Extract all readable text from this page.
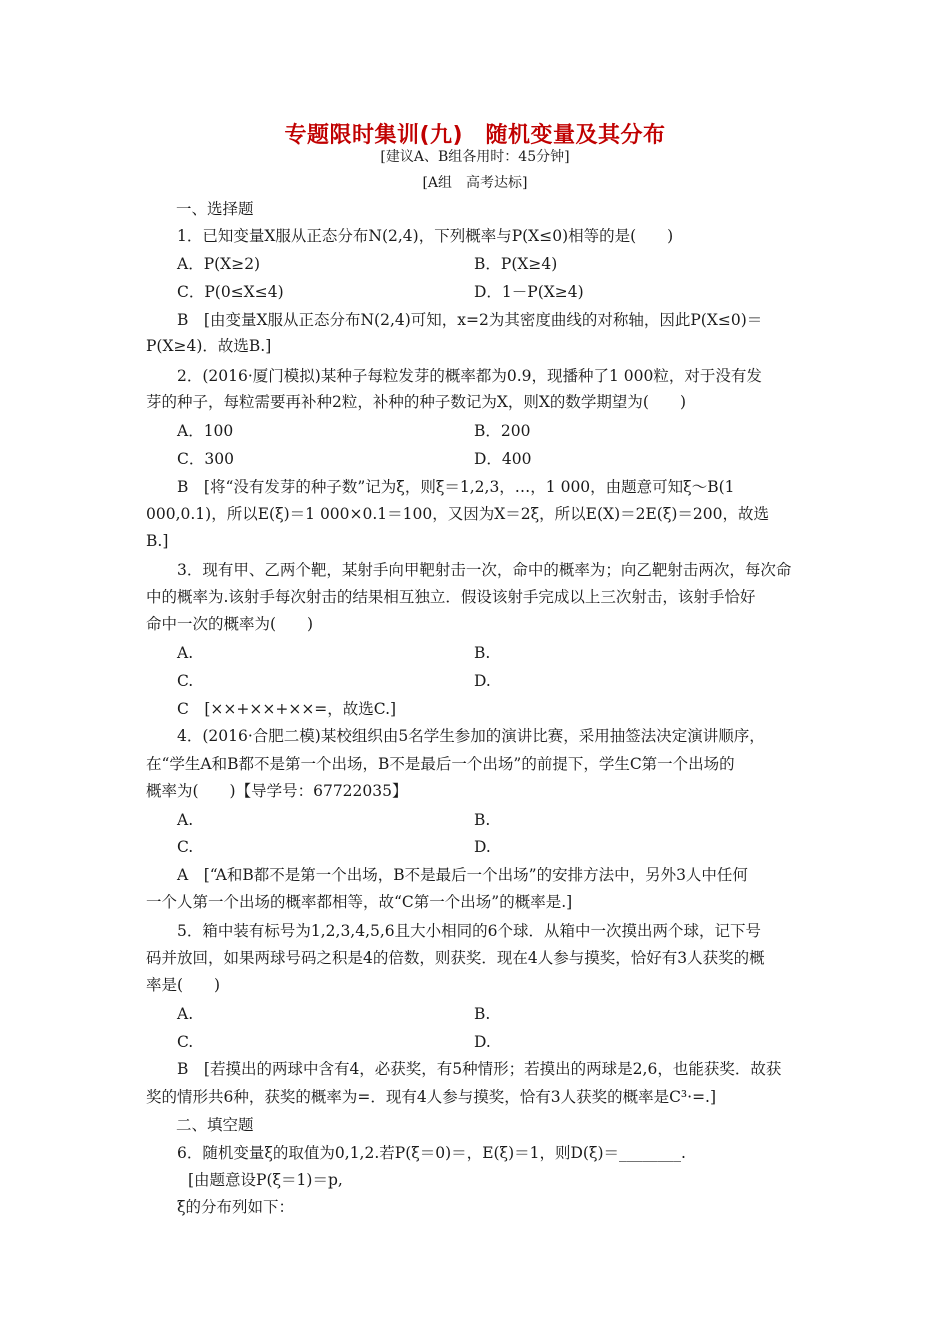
专题限时集训(九)　随机变量及其分布
[建议A、B组各用时：45分钟]
[A组　高考达标]
一、选择题
1．已知变量X服从正态分布N(2,4)，下列概率与P(X≤0)相等的是(　　)
A．P(X≥2)	B．P(X≥4)
C．P(0≤X≤4)	D．1－P(X≥4)
B　[由变量X服从正态分布N(2,4)可知，x=2为其密度曲线的对称轴，因此P(X≤0)＝
P(X≥4)．故选B.]
2．(2016·厦门模拟)某种子每粒发芽的概率都为0.9，现播种了1 000粒，对于没有发
芽的种子，每粒需要再补种2粒，补种的种子数记为X，则X的数学期望为(　　)
A．100	B．200
C．300	D．400
B　[将“没有发芽的种子数”记为ξ，则ξ＝1,2,3，…，1 000，由题意可知ξ～B(1
000,0.1)，所以E(ξ)＝1 000×0.1＝100，又因为X＝2ξ，所以E(X)＝2E(ξ)＝200，故选
B.]
3．现有甲、乙两个靶，某射手向甲靶射击一次，命中的概率为；向乙靶射击两次，每次命
中的概率为.该射手每次射击的结果相互独立．假设该射手完成以上三次射击，该射手恰好
命中一次的概率为(　　)
A.	B.
C.	D.
C　[××+××+××=，故选C.]
4．(2016·合肥二模)某校组织由5名学生参加的演讲比赛，采用抽签法决定演讲顺序，
在“学生A和B都不是第一个出场，B不是最后一个出场”的前提下，学生C第一个出场的
概率为(　　)【导学号：67722035】
A.	B.
C.	D.
A　[“A和B都不是第一个出场，B不是最后一个出场”的安排方法中，另外3人中任何
一个人第一个出场的概率都相等，故“C第一个出场”的概率是.]
5．箱中装有标号为1,2,3,4,5,6且大小相同的6个球．从箱中一次摸出两个球，记下号
码并放回，如果两球号码之积是4的倍数，则获奖．现在4人参与摸奖，恰好有3人获奖的概
率是(　　)
A.	B.
C.	D.
B　[若摸出的两球中含有4，必获奖，有5种情形；若摸出的两球是2,6，也能获奖．故获
奖的情形共6种，获奖的概率为=．现有4人参与摸奖，恰有3人获奖的概率是C³·=.]
二、填空题
6．随机变量ξ的取值为0,1,2.若P(ξ＝0)＝，E(ξ)＝1，则D(ξ)＝________.
[由题意设P(ξ＝1)＝p,
ξ的分布列如下：
